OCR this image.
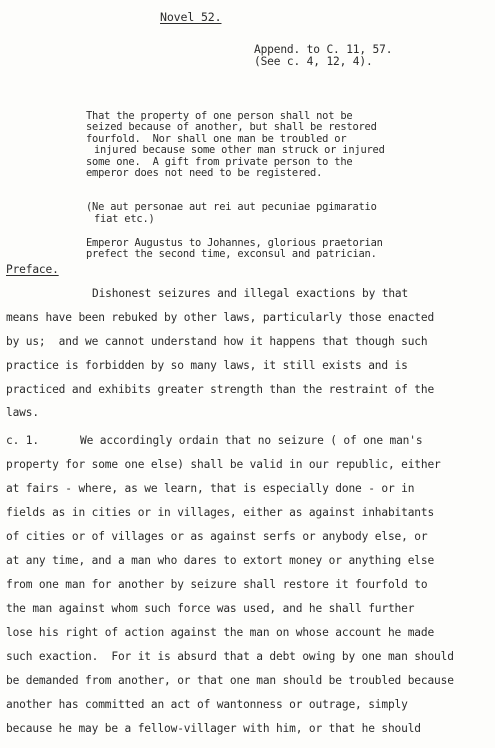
Novel 52.
Append. to C. 11, 57.
(See c. 4, 12, 4).
That the property of one person shall not be
seized because of another, but shall be restored
fourfold.  Nor shall one man be troubled or
injured because some other man struck or injured
some one.  A gift from private person to the
emperor does not need to be registered.
(Ne aut personae aut rei aut pecuniae pgimaratio
fiat etc.)
Emperor Augustus to Johannes, glorious praetorian
prefect the second time, exconsul and patrician.
Preface.
Dishonest seizures and illegal exactions by that
means have been rebuked by other laws, particularly those enacted
by us;  and we cannot understand how it happens that though such
practice is forbidden by so many laws, it still exists and is
practiced and exhibits greater strength than the restraint of the
laws.
c. 1.	We accordingly ordain that no seizure ( of one man's
property for some one else) shall be valid in our republic, either
at fairs - where, as we learn, that is especially done - or in
fields as in cities or in villages, either as against inhabitants
of cities or of villages or as against serfs or anybody else, or
at any time, and a man who dares to extort money or anything else
from one man for another by seizure shall restore it fourfold to
the man against whom such force was used, and he shall further
lose his right of action against the man on whose account he made
such exaction.  For it is absurd that a debt owing by one man should
be demanded from another, or that one man should be troubled because
another has committed an act of wantonness or outrage, simply
because he may be a fellow-villager with him, or that he should
